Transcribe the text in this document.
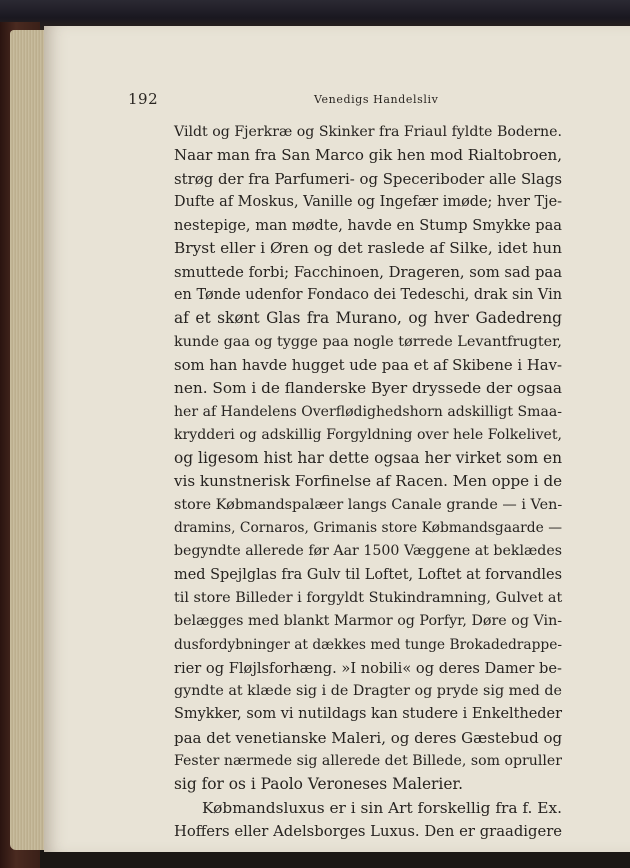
192	Venedigs Handelsliv
Vildt og Fjerkræ og Skinker fra Friaul fyldte Boderne.
Naar man fra San Marco gik hen mod Rialtobroen,
strøg der fra Parfumeri- og Speceriboder alle Slags
Dufte af Moskus, Vanille og Ingefær imøde; hver Tje-
nestepige, man mødte, havde en Stump Smykke paa
Bryst eller i Øren og det raslede af Silke, idet hun
smuttede forbi; Facchinoen, Drageren, som sad paa
en Tønde udenfor Fondaco dei Tedeschi, drak sin Vin
af et skønt Glas fra Murano, og hver Gadedreng
kunde gaa og tygge paa nogle tørrede Levantfrugter,
som han havde hugget ude paa et af Skibene i Hav-
nen. Som i de flanderske Byer dryssede der ogsaa
her af Handelens Overflødighedshorn adskilligt Smaa-
krydderi og adskillig Forgyldning over hele Folkelivet,
og ligesom hist har dette ogsaa her virket som en
vis kunstnerisk Forfinelse af Racen. Men oppe i de
store Købmandspalæer langs Canale grande — i Ven-
dramins, Cornaros, Grimanis store Købmandsgaarde —
begyndte allerede før Aar 1500 Væggene at beklædes
med Spejlglas fra Gulv til Loftet, Loftet at forvandles
til store Billeder i forgyldt Stukindramning, Gulvet at
belægges med blankt Marmor og Porfyr, Døre og Vin-
dusfordybninger at dækkes med tunge Brokadedrappe-
rier og Fløjlsforhæng. »I nobili« og deres Damer be-
gyndte at klæde sig i de Dragter og pryde sig med de
Smykker, som vi nutildags kan studere i Enkeltheder
paa det venetianske Maleri, og deres Gæstebud og
Fester nærmede sig allerede det Billede, som opruller
sig for os i Paolo Veroneses Malerier.
Købmandsluxus er i sin Art forskellig fra f. Ex.
Hoffers eller Adelsborges Luxus. Den er graadigere
